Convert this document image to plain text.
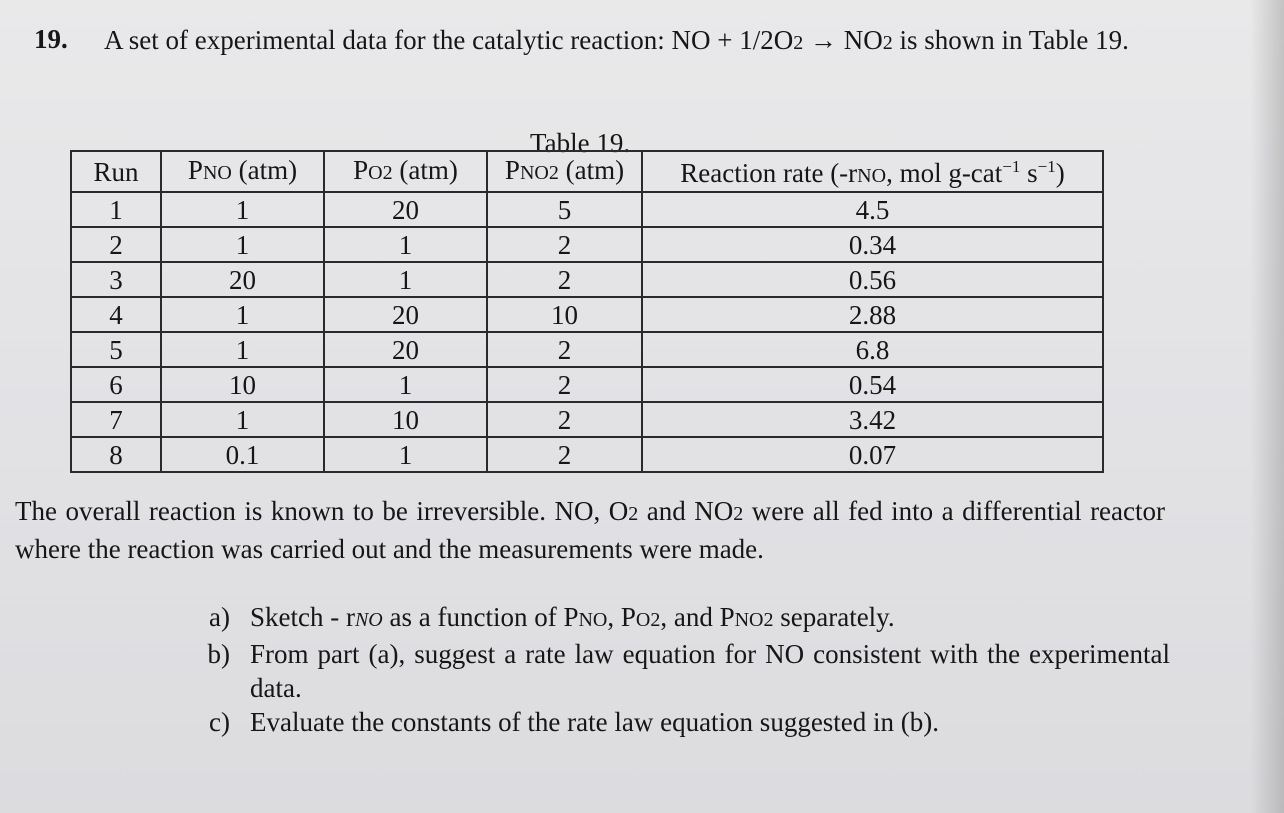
19. A set of experimental data for the catalytic reaction: NO + 1/2O2 → NO2 is shown in Table 19.
Table 19.
Run	PNO (atm)	PO2 (atm)	PNO2 (atm)	Reaction rate (-rNO, mol g-cat$^{-1}$ $s^{-1}$)
1	1	20	5	4.5
2	1	1	2	0.34
3	20	1	2	0.56
4	1	20	10	2.88
5	1	20	2	6.8
6	10	1	2	0.54
7	1	10	2	3.42
8	0.1	1	2	0.07
The overall reaction is known to be irreversible. NO, O2 and NO2 were all fed into a differential reactor where the reaction was carried out and the measurements were made.
a) Sketch - rNO as a function of PNO, PO2, and PNO2 separately.
b) From part (a), suggest a rate law equation for NO consistent with the experimental data.
c) Evaluate the constants of the rate law equation suggested in (b).
